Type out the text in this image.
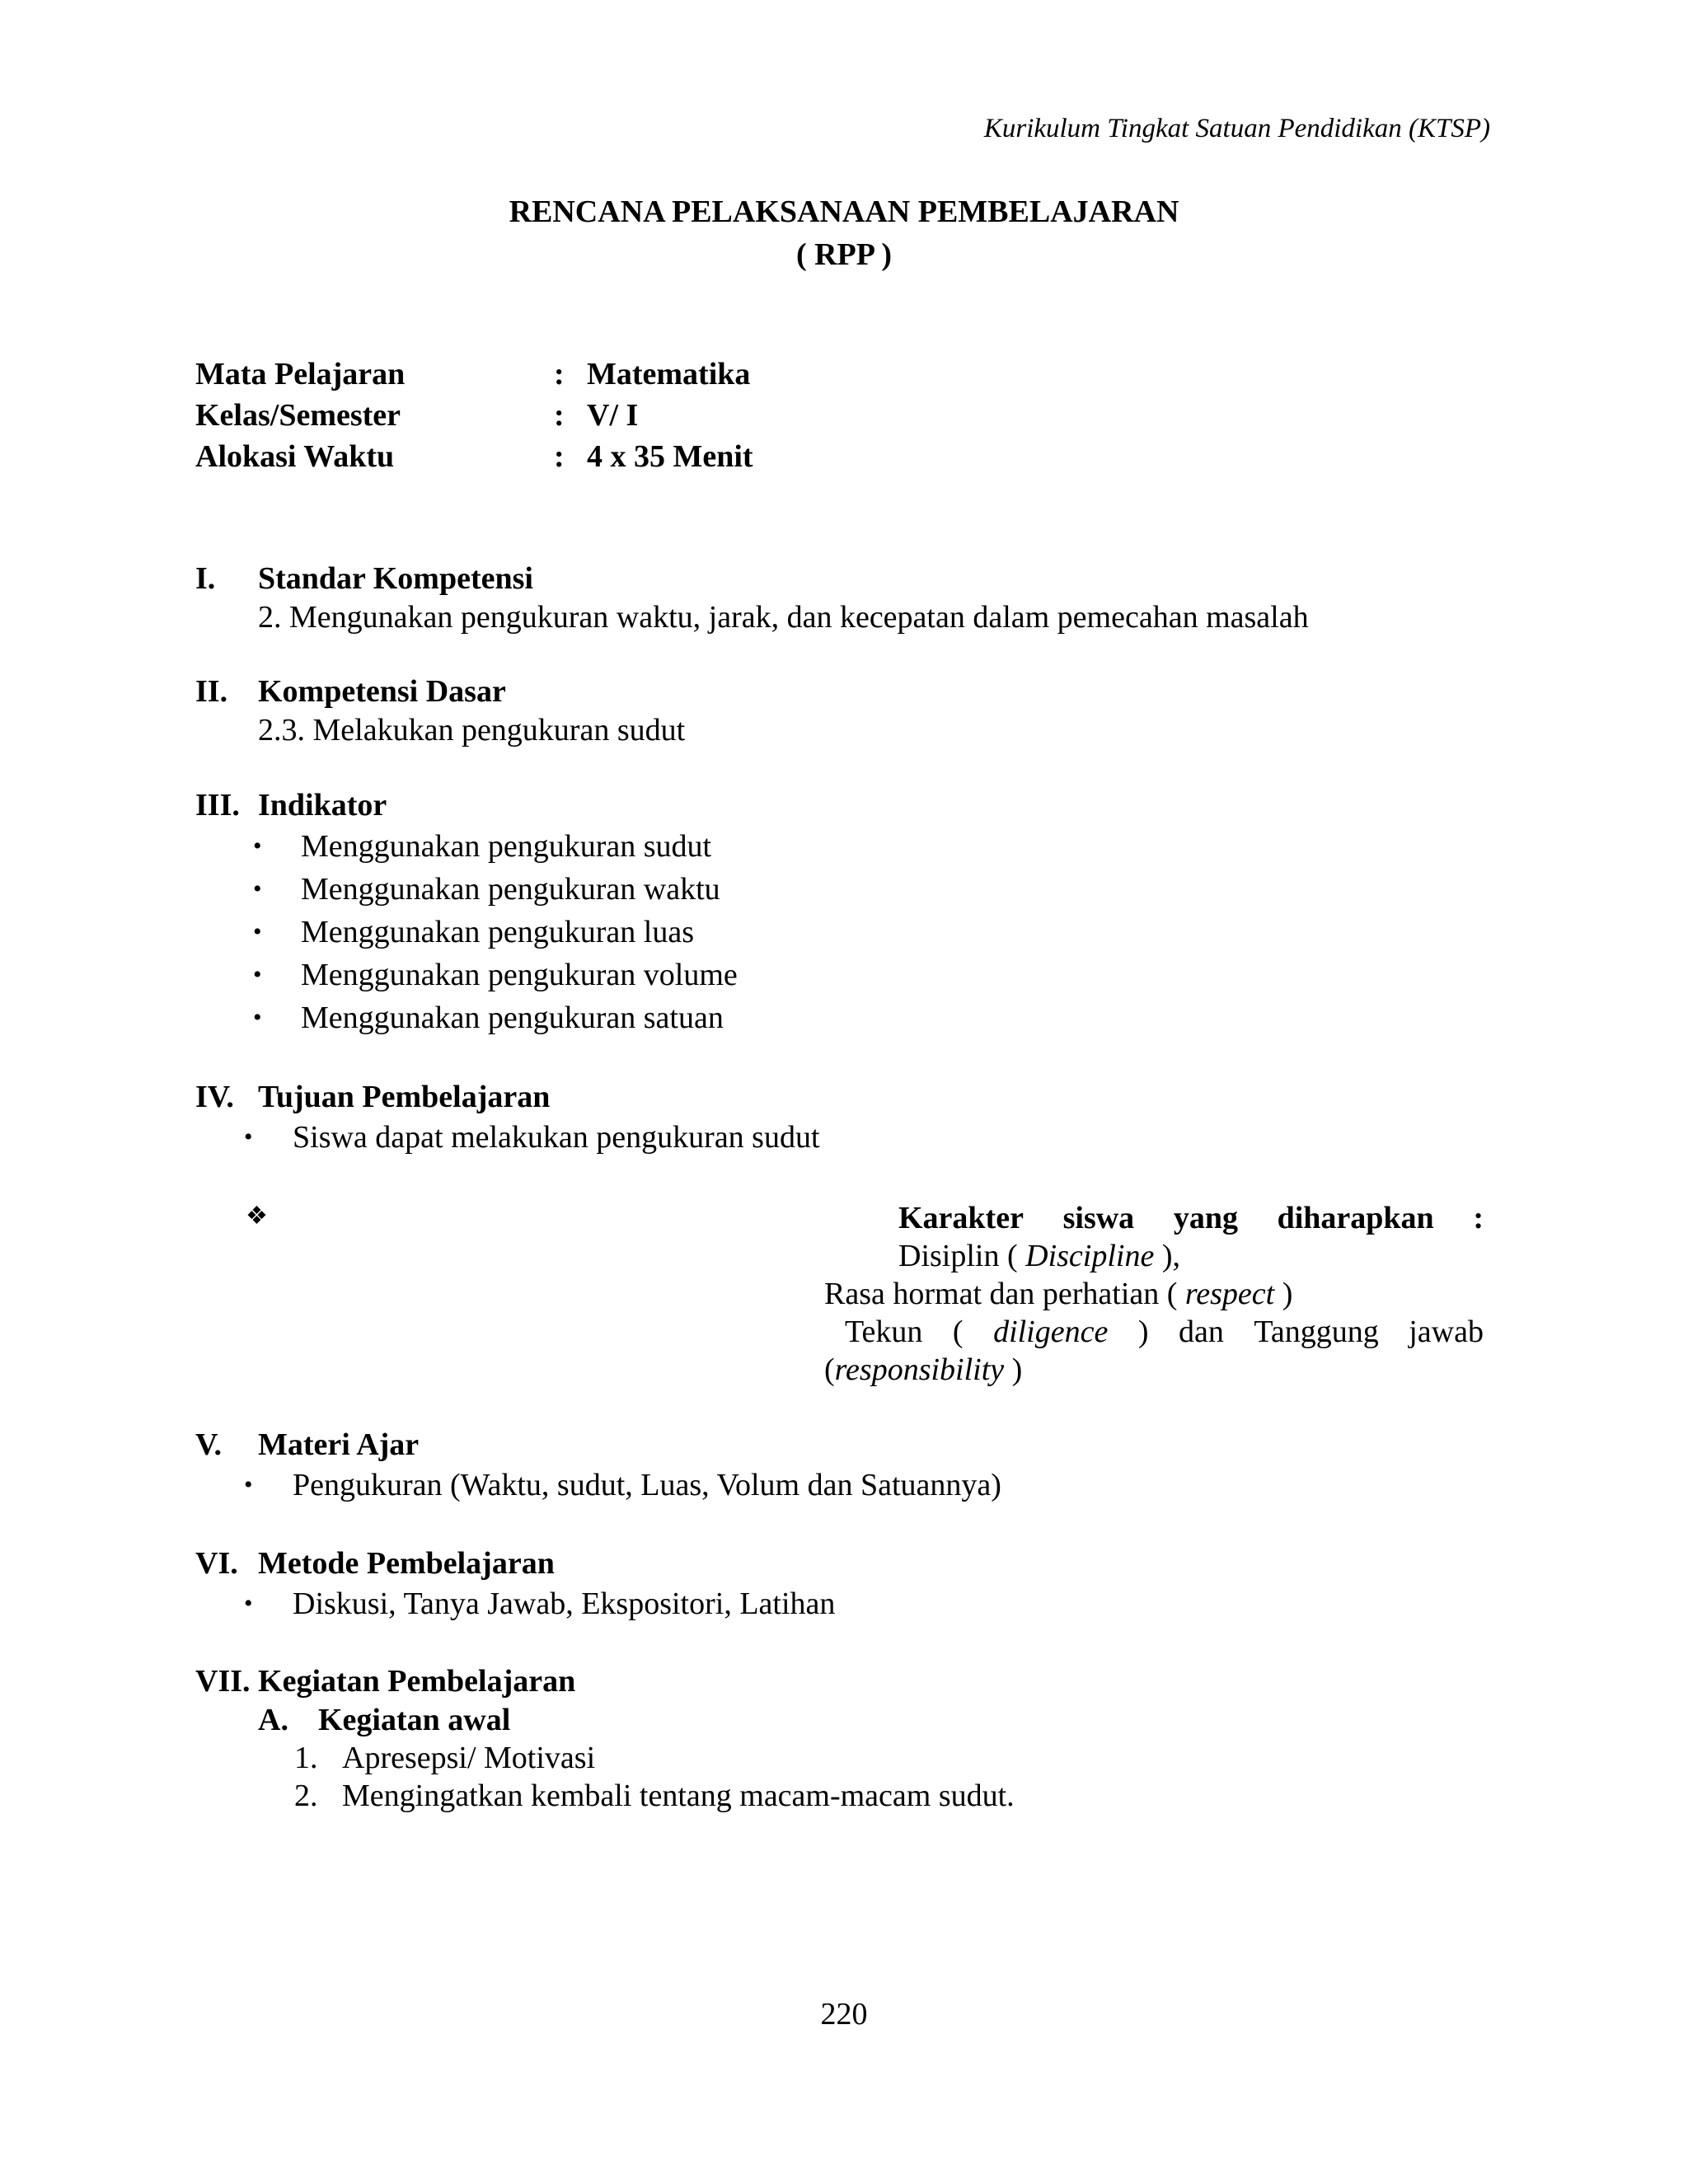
Kurikulum Tingkat Satuan Pendidikan (KTSP)
RENCANA PELAKSANAAN PEMBELAJARAN
( RPP )
Mata Pelajaran	: Matematika
Kelas/Semester	: V/ I
Alokasi Waktu	: 4 x 35 Menit
I. Standar Kompetensi
2. Mengunakan pengukuran waktu, jarak, dan kecepatan dalam pemecahan masalah
II. Kompetensi Dasar
2.3. Melakukan pengukuran sudut
III. Indikator
• Menggunakan pengukuran sudut
• Menggunakan pengukuran waktu
• Menggunakan pengukuran luas
• Menggunakan pengukuran volume
• Menggunakan pengukuran satuan
IV. Tujuan Pembelajaran
• Siswa dapat melakukan pengukuran sudut
❖	Karakter siswa yang diharapkan :
Disiplin ( Discipline ),
Rasa hormat dan perhatian ( respect )
Tekun ( diligence ) dan Tanggung jawab
(responsibility )
V. Materi Ajar
• Pengukuran (Waktu, sudut, Luas, Volum dan Satuannya)
VI. Metode Pembelajaran
• Diskusi, Tanya Jawab, Ekspositori, Latihan
VII. Kegiatan Pembelajaran
A. Kegiatan awal
1. Apresepsi/ Motivasi
2. Mengingatkan kembali tentang macam-macam sudut.
220
